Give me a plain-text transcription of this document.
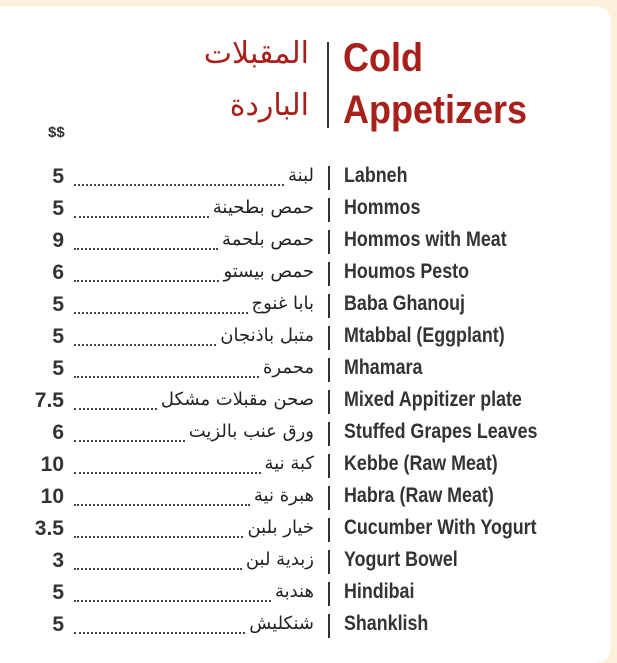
المقبلات
الباردة
Cold
Appetizers
$$
5	لبنة Labneh
5	حمص بطحينة Hommos
9	حمص بلحمة Hommos with Meat
6	حمص بيستو Houmos Pesto
5	بابا غنوج Baba Ghanouj
5	متبل باذنجان Mtabbal (Eggplant)
5	محمرة Mhamara
7.5	صحن مقبلات مشكل Mixed Appitizer plate
6	ورق عنب بالزيت Stuffed Grapes Leaves
10	كبة نية Kebbe (Raw Meat)
10	هبرة نية Habra (Raw Meat)
3.5	خيار بلبن Cucumber With Yogurt
3	زبدية لبن Yogurt Bowel
5	هندبة Hindibai
5	شنكليش Shanklish
